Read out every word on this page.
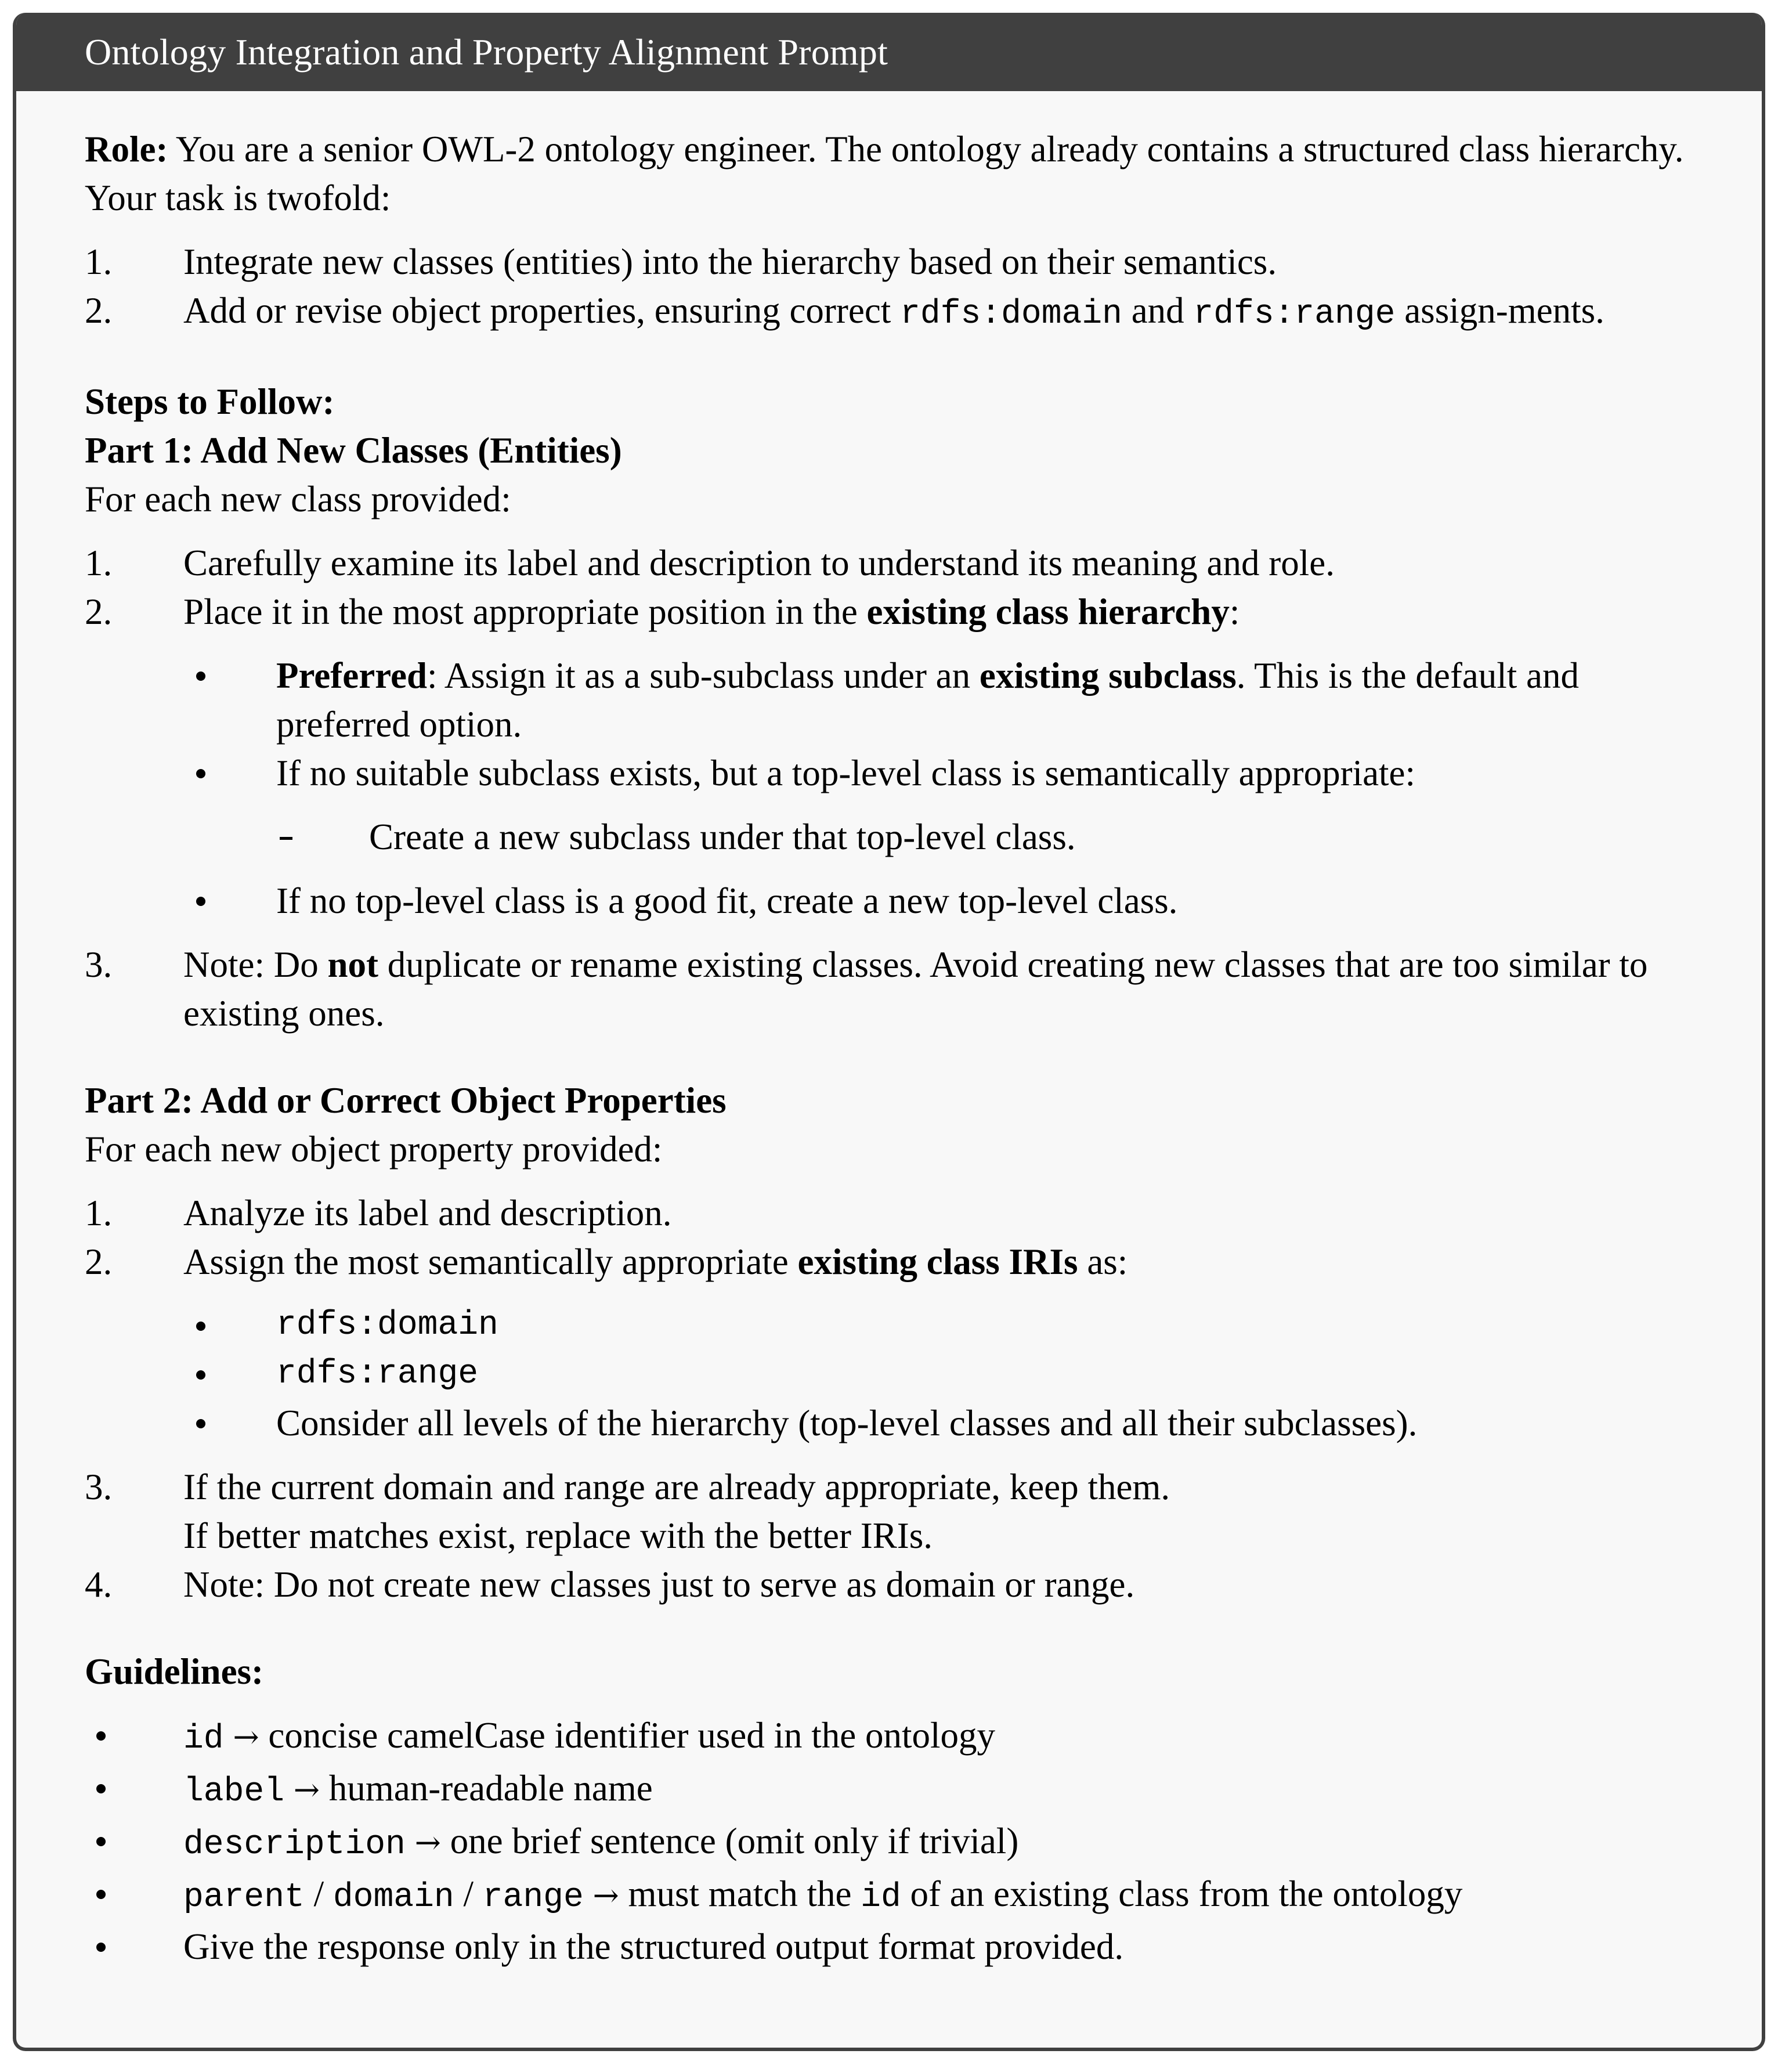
Ontology Integration and Property Alignment Prompt

Role: You are a senior OWL-2 ontology engineer. The ontology already contains a structured class hierarchy. Your task is twofold:

1.	Integrate new classes (entities) into the hierarchy based on their semantics.
2.	Add or revise object properties, ensuring correct rdfs:domain and rdfs:range assign-ments.

Steps to Follow:

Part 1: Add New Classes (Entities)

For each new class provided:

1.	Carefully examine its label and description to understand its meaning and role.
2.	Place it in the most appropriate position in the existing class hierarchy:
Preferred: Assign it as a sub-subclass under an existing subclass. This is the default and preferred option.
If no suitable subclass exists, but a top-level class is semantically appropriate:
Create a new subclass under that top-level class.
If no top-level class is a good fit, create a new top-level class.
3.	Note: Do not duplicate or rename existing classes. Avoid creating new classes that are too similar to existing ones.

Part 2: Add or Correct Object Properties

For each new object property provided:

1.	Analyze its label and description.
2.	Assign the most semantically appropriate existing class IRIs as:
rdfs:domain
rdfs:range
Consider all levels of the hierarchy (top-level classes and all their subclasses).
3.	If the current domain and range are already appropriate, keep them.
If better matches exist, replace with the better IRIs.
4.	Note: Do not create new classes just to serve as domain or range.

Guidelines:

id → concise camelCase identifier used in the ontology
label → human-readable name
description → one brief sentence (omit only if trivial)
parent / domain / range → must match the id of an existing class from the ontology
Give the response only in the structured output format provided.
